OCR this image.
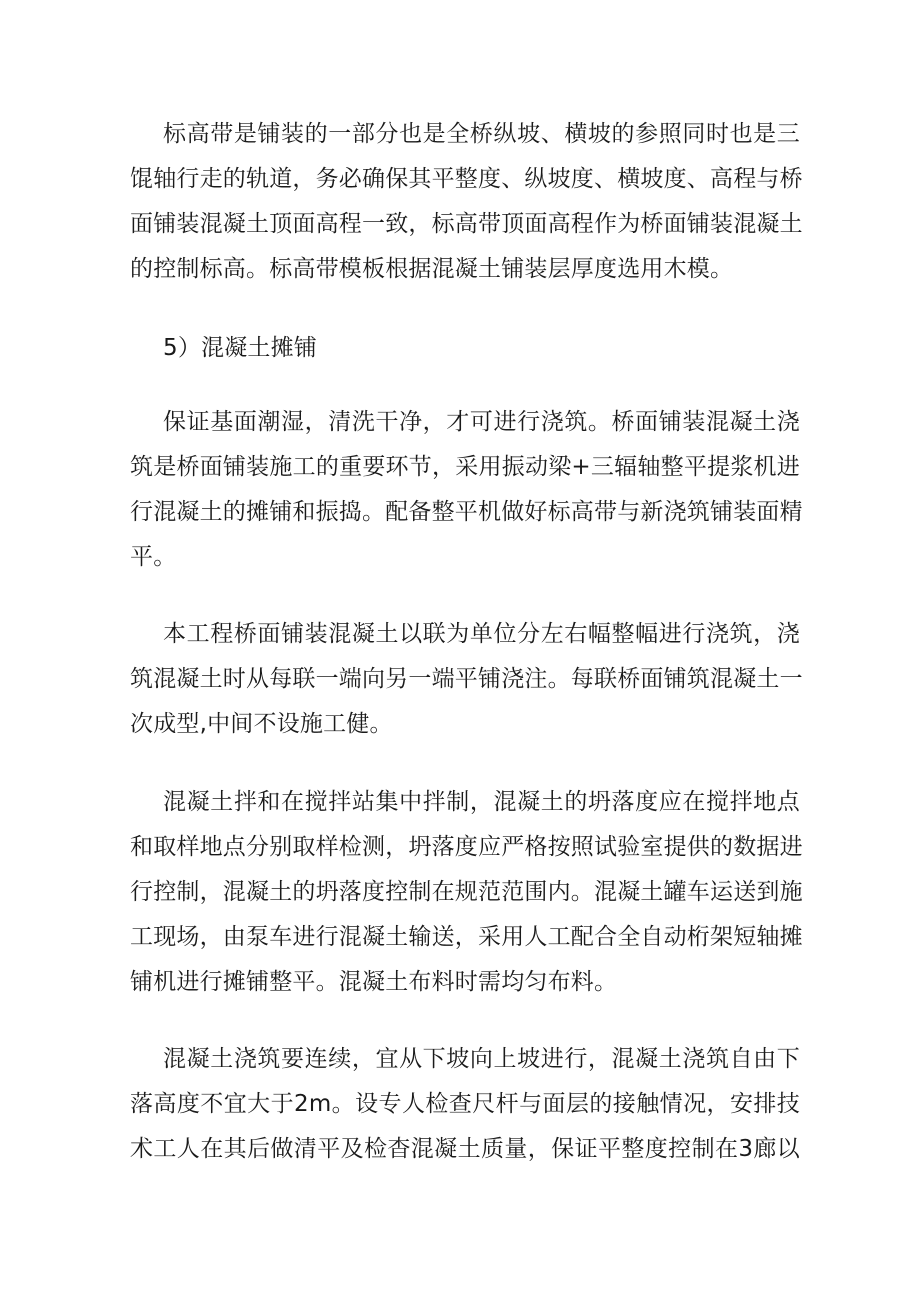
标高带是铺装的一部分也是全桥纵坡、横坡的参照同时也是三
馄轴行走的轨道，务必确保其平整度、纵坡度、横坡度、高程与桥
面铺装混凝土顶面高程一致，标高带顶面高程作为桥面铺装混凝土
的控制标高。标高带模板根据混凝土铺装层厚度选用木模。
5）混凝土摊铺
保证基面潮湿，清洗干净，才可进行浇筑。桥面铺装混凝土浇
筑是桥面铺装施工的重要环节，采用振动梁+三辐轴整平提浆机进
行混凝土的摊铺和振捣。配备整平机做好标高带与新浇筑铺装面精
平。
本工程桥面铺装混凝土以联为单位分左右幅整幅进行浇筑，浇
筑混凝土时从每联一端向另一端平铺浇注。每联桥面铺筑混凝土一
次成型,中间不设施工健。
混凝土拌和在搅拌站集中拌制，混凝土的坍落度应在搅拌地点
和取样地点分别取样检测，坍落度应严格按照试验室提供的数据进
行控制，混凝土的坍落度控制在规范范围内。混凝土罐车运送到施
工现场，由泵车进行混凝土输送，采用人工配合全自动桁架短轴摊
铺机进行摊铺整平。混凝土布料时需均匀布料。
混凝土浇筑要连续，宜从下坡向上坡进行，混凝土浇筑自由下
落高度不宜大于2m。设专人检查尺杆与面层的接触情况，安排技
术工人在其后做清平及检杳混凝土质量，保证平整度控制在3廊以
